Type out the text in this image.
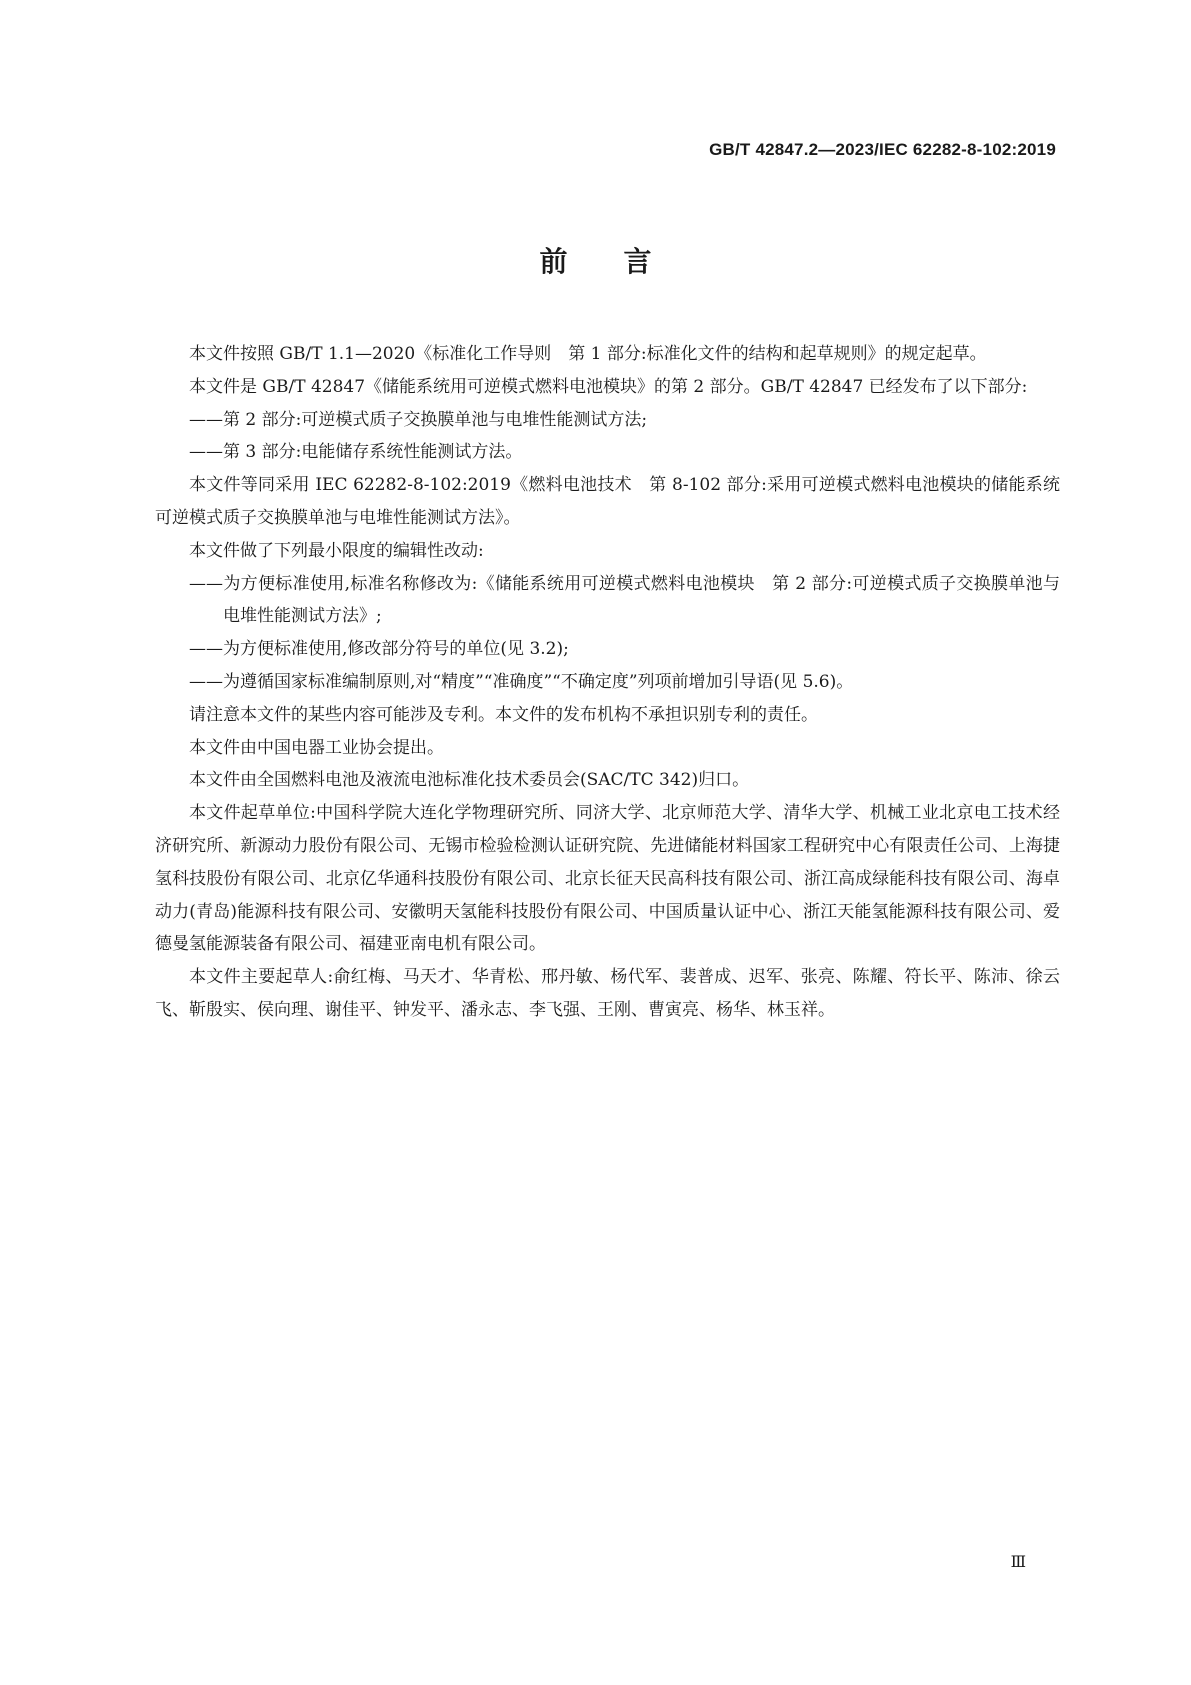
GB/T 42847.2—2023/IEC 62282-8-102:2019
前言

本文件按照 GB/T 1.1—2020《标准化工作导则　第 1 部分:标准化文件的结构和起草规则》的规定起草。

本文件是 GB/T 42847《储能系统用可逆模式燃料电池模块》的第 2 部分。GB/T 42847 已经发布了以下部分:

——第 2 部分:可逆模式质子交换膜单池与电堆性能测试方法;

——第 3 部分:电能储存系统性能测试方法。

本文件等同采用 IEC 62282-8-102:2019《燃料电池技术　第 8-102 部分:采用可逆模式燃料电池模块的储能系统　可逆模式质子交换膜单池与电堆性能测试方法》。

本文件做了下列最小限度的编辑性改动:

——为方便标准使用,标准名称修改为:《储能系统用可逆模式燃料电池模块　第 2 部分:可逆模式质子交换膜单池与电堆性能测试方法》;

——为方便标准使用,修改部分符号的单位(见 3.2);

——为遵循国家标准编制原则,对“精度”“准确度”“不确定度”列项前增加引导语(见 5.6)。

请注意本文件的某些内容可能涉及专利。本文件的发布机构不承担识别专利的责任。

本文件由中国电器工业协会提出。

本文件由全国燃料电池及液流电池标准化技术委员会(SAC/TC 342)归口。

本文件起草单位:中国科学院大连化学物理研究所、同济大学、北京师范大学、清华大学、机械工业北京电工技术经济研究所、新源动力股份有限公司、无锡市检验检测认证研究院、先进储能材料国家工程研究中心有限责任公司、上海捷氢科技股份有限公司、北京亿华通科技股份有限公司、北京长征天民高科技有限公司、浙江高成绿能科技有限公司、海卓动力(青岛)能源科技有限公司、安徽明天氢能科技股份有限公司、中国质量认证中心、浙江天能氢能源科技有限公司、爱德曼氢能源装备有限公司、福建亚南电机有限公司。

本文件主要起草人:俞红梅、马天才、华青松、邢丹敏、杨代军、裴普成、迟军、张亮、陈耀、符长平、陈沛、徐云飞、靳殷实、侯向理、谢佳平、钟发平、潘永志、李飞强、王刚、曹寅亮、杨华、林玉祥。

Ⅲ
